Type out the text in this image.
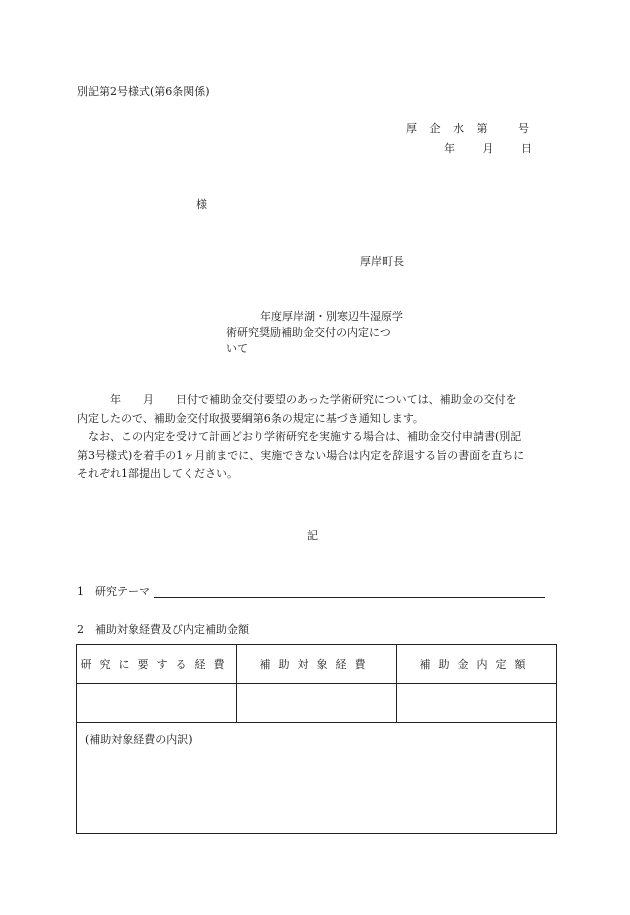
別記第2号様式(第6条関係)
厚 企 水 第	号
年	月	日
様
厚岸町長
年度厚岸湖・別寒辺牛湿原学
術研究奨励補助金交付の内定につ
いて

　　　年　　月　　日付で補助金交付要望のあった学術研究については、補助金の交付を

内定したので、補助金交付取扱要綱第6条の規定に基づき通知します。

　なお、この内定を受けて計画どおり学術研究を実施する場合は、補助金交付申請書(別記

第3号様式)を着手の1ヶ月前までに、実施できない場合は内定を辞退する旨の書面を直ちに

それぞれ1部提出してください。

記
1　研究テーマ
2　補助対象経費及び内定補助金額
研究に要する経費	補助対象経費	補助金内定額

(補助対象経費の内訳)		
